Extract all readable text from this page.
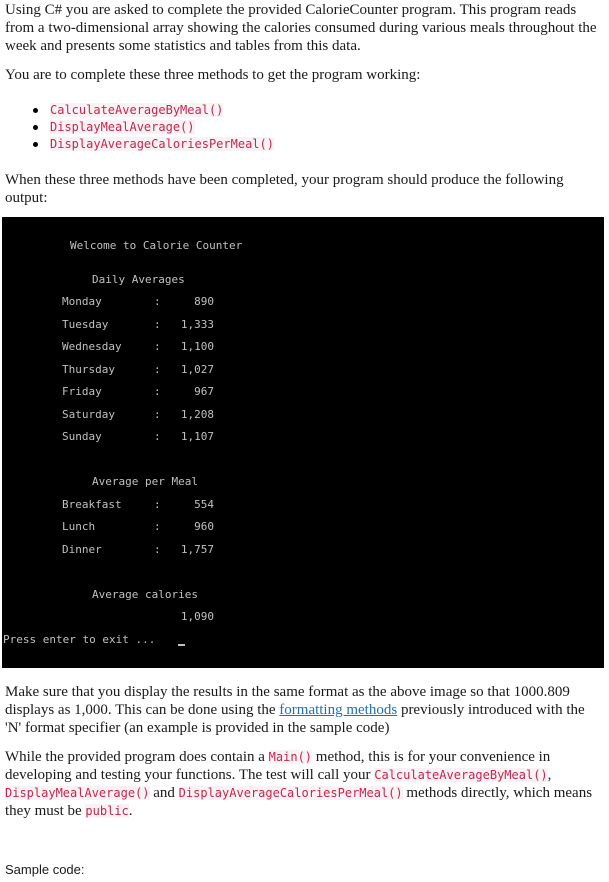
Using C# you are asked to complete the provided CalorieCounter program. This program reads from a two-dimensional array showing the calories consumed during various meals throughout the week and presents some statistics and tables from this data.

You are to complete these three methods to get the program working:

CalculateAverageByMeal()
DisplayMealAverage()
DisplayAverageCaloriesPerMeal()

When these three methods have been completed, your program should produce the following output:

Welcome to Calorie Counter
Daily Averages
Monday	:	890
Tuesday	:	1,333
Wednesday	:	1,100
Thursday	:	1,027
Friday	:	967
Saturday	:	1,208
Sunday	:	1,107
Average per Meal
Breakfast	:	554
Lunch	:	960
Dinner	:	1,757
Average calories
1,090
Press enter to exit ...

Make sure that you display the results in the same format as the above image so that 1000.809 displays as 1,000. This can be done using the formatting methods previously introduced with the 'N' format specifier (an example is provided in the sample code)

While the provided program does contain a Main() method, this is for your convenience in developing and testing your functions. The test will call your CalculateAverageByMeal(), DisplayMealAverage() and DisplayAverageCaloriesPerMeal() methods directly, which means they must be public.

Sample code:
